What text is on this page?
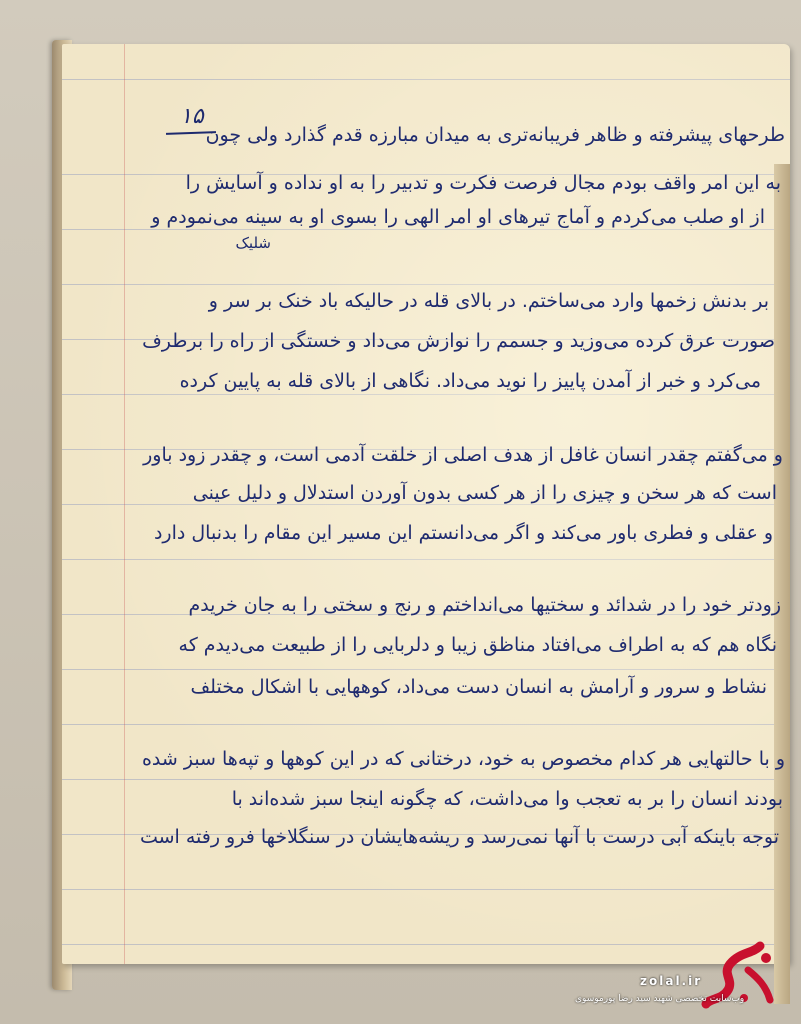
۱۵
طرحهای پیشرفته و ظاهر فریبانه‌تری به میدان مبارزه قدم گذارد ولی چون
به این امر واقف بودم مجال فرصت فکرت و تدبیر را به او نداده و آسایش را
از او صلب می‌کردم و آماج تیرهای او امر الهی را بسوی او به سینه می‌نمودم و
شلیک
بر بدنش زخمها وارد می‌ساختم. در بالای قله در حالیکه باد خنک بر سر و
صورت عرق کرده می‌وزید و جسمم را نوازش می‌داد و خستگی از راه را برطرف
می‌کرد و خبر از آمدن پاییز را نوید می‌داد. نگاهی از بالای قله به پایین کرده
و می‌گفتم چقدر انسان غافل از هدف اصلی از خلقت آدمی است، و چقدر زود باور
است که هر سخن و چیزی را از هر کسی بدون آوردن استدلال و دلیل عینی
و عقلی و فطری باور می‌کند و اگر می‌دانستم این مسیر این مقام را بدنبال دارد
زودتر خود را در شدائد و سختیها می‌انداختم و رنج و سختی را به جان خریدم
نگاه هم که به اطراف می‌افتاد مناظق زیبا و دلربایی را از طبیعت می‌دیدم که
نشاط و سرور و آرامش به انسان دست می‌داد، کوههایی با اشکال مختلف
و با حالتهایی هر کدام مخصوص به خود، درختانی که در این کوهها و تپه‌ها سبز شده
بودند انسان را بر به تعجب وا می‌داشت، که چگونه اینجا سبز شده‌اند با
توجه باینکه آبی درست با آنها نمی‌رسد و ریشه‌هایشان در سنگلاخها فرو رفته است
zolal.ir
وب‌سایت تخصصی شهید سید رضا پورموسوی
